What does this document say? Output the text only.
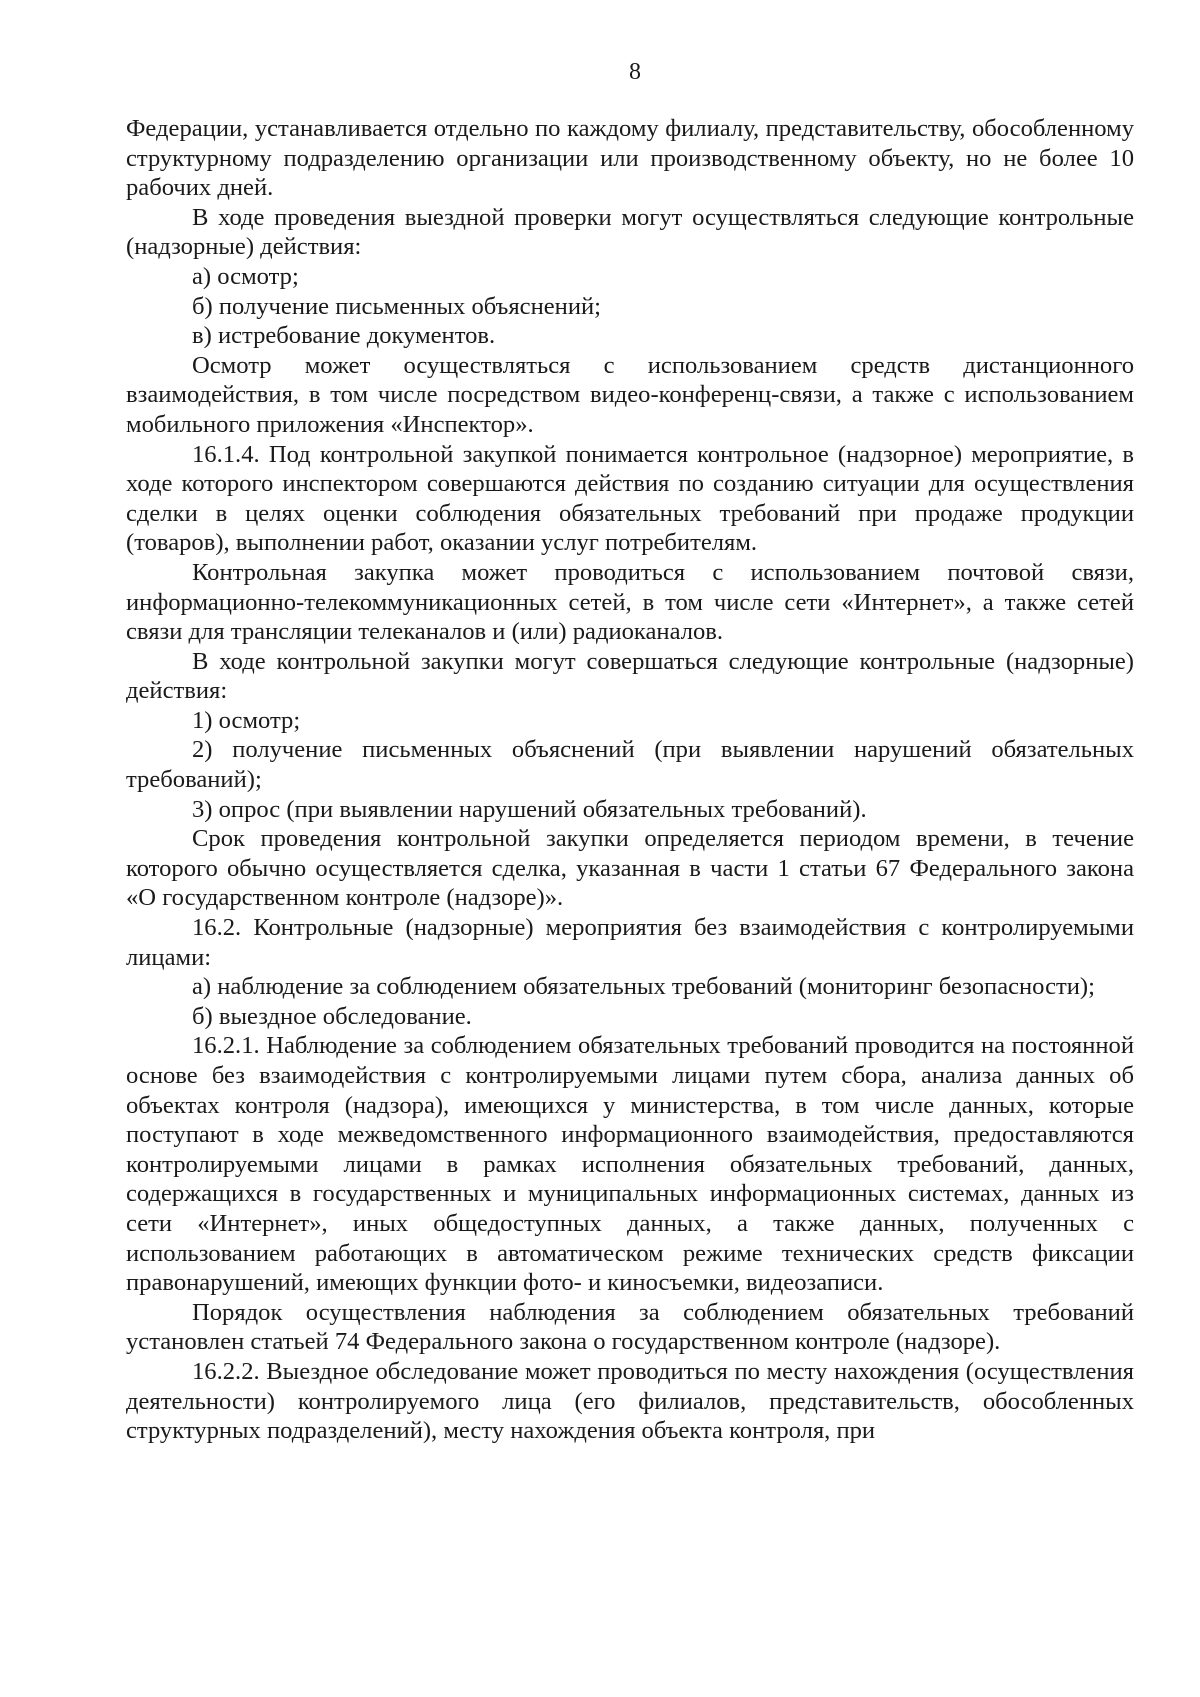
8

Федерации, устанавливается отдельно по каждому филиалу, представительству, обособленному структурному подразделению организации или производственному объекту, но не более 10 рабочих дней.

В ходе проведения выездной проверки могут осуществляться следующие контрольные (надзорные) действия:

а) осмотр;

б) получение письменных объяснений;

в) истребование документов.

Осмотр может осуществляться с использованием средств дистанционного взаимодействия, в том числе посредством видео-конференц-связи, а также с использованием мобильного приложения «Инспектор».

16.1.4. Под контрольной закупкой понимается контрольное (надзорное) мероприятие, в ходе которого инспектором совершаются действия по созданию ситуации для осуществления сделки в целях оценки соблюдения обязательных требований при продаже продукции (товаров), выполнении работ, оказании услуг потребителям.

Контрольная закупка может проводиться с использованием почтовой связи, информационно-телекоммуникационных сетей, в том числе сети «Интернет», а также сетей связи для трансляции телеканалов и (или) радиоканалов.

В ходе контрольной закупки могут совершаться следующие контрольные (надзорные) действия:

1) осмотр;

2) получение письменных объяснений (при выявлении нарушений обязательных требований);

3) опрос (при выявлении нарушений обязательных требований).

Срок проведения контрольной закупки определяется периодом времени, в течение которого обычно осуществляется сделка, указанная в части 1 статьи 67 Федерального закона «О государственном контроле (надзоре)».

16.2. Контрольные (надзорные) мероприятия без взаимодействия с контролируемыми лицами:

а) наблюдение за соблюдением обязательных требований (мониторинг безопасности);

б) выездное обследование.

16.2.1. Наблюдение за соблюдением обязательных требований проводится на постоянной основе без взаимодействия с контролируемыми лицами путем сбора, анализа данных об объектах контроля (надзора), имеющихся у министерства, в том числе данных, которые поступают в ходе межведомственного информационного взаимодействия, предоставляются контролируемыми лицами в рамках исполнения обязательных требований, данных, содержащихся в государственных и муниципальных информационных системах, данных из сети «Интернет», иных общедоступных данных, а также данных, полученных с использованием работающих в автоматическом режиме технических средств фиксации правонарушений, имеющих функции фото- и киносъемки, видеозаписи.

Порядок осуществления наблюдения за соблюдением обязательных требований установлен статьей 74 Федерального закона о государственном контроле (надзоре).

16.2.2. Выездное обследование может проводиться по месту нахождения (осуществления деятельности) контролируемого лица (его филиалов, представительств, обособленных структурных подразделений), месту нахождения объекта контроля, при
